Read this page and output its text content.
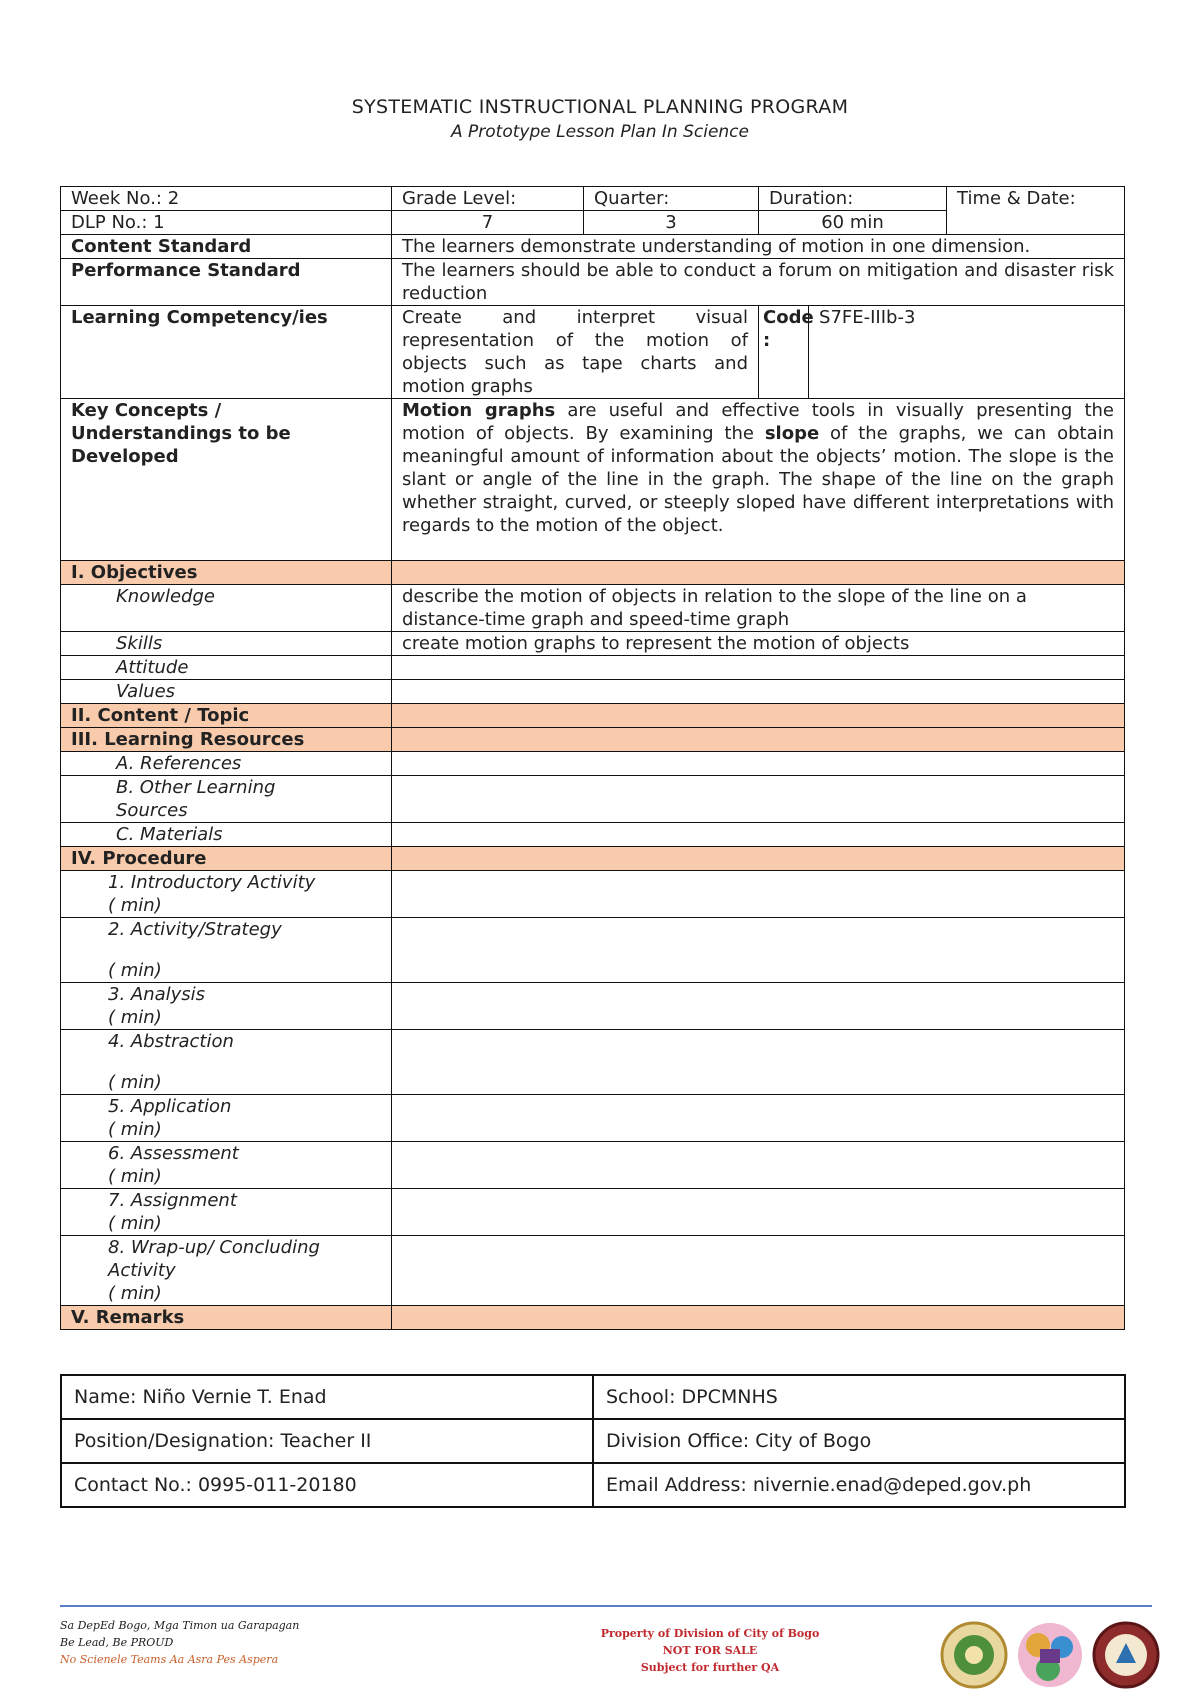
SYSTEMATIC INSTRUCTIONAL PLANNING PROGRAM
A Prototype Lesson Plan In Science
Week No.: 2	Grade Level:	Quarter:	Duration:		Time & Date:
DLP No.: 1	7	3	60 min		
Content Standard	The learners demonstrate understanding of motion in one dimension.				
Performance Standard	The learners should be able to conduct a forum on mitigation and disaster risk reduction				
Learning Competency/ies	Create and interpret visual representation of the motion of objects such as tape charts and motion graphs		Code :	S7FE-IIIb-3	
Key Concepts / Understandings to be Developed	Motion graphs are useful and effective tools in visually presenting the motion of objects. By examining the slope of the graphs, we can obtain meaningful amount of information about the objects’ motion. The slope is the slant or angle of the line in the graph. The shape of the line on the graph whether straight, curved, or steeply sloped have different interpretations with regards to the motion of the object.				
I. Objectives					
Knowledge	describe the motion of objects in relation to the slope of the line on a distance-time graph and speed-time graph				
Skills	create motion graphs to represent the motion of objects				
Attitude					
Values					
II. Content / Topic					
III. Learning Resources					
A. References					
B. Other Learning
Sources					
C. Materials					
IV. Procedure					
1. Introductory Activity
( min)					
2. Activity/Strategy
( min)					
3. Analysis
( min)					
4. Abstraction
( min)					
5. Application
( min)					
6. Assessment
( min)					
7. Assignment
( min)					
8. Wrap-up/ Concluding
Activity
( min)					
V. Remarks					
Name: Niño Vernie T. Enad	School: DPCMNHS
Position/Designation: Teacher II	Division Office: City of Bogo
Contact No.: 0995-011-20180	Email Address: nivernie.enad@deped.gov.ph
Sa DepEd Bogo, Mga Timon ua Garapagan
Be Lead, Be PROUD
No Scienele Teams Aa Asra Pes Aspera
Property of Division of City of Bogo
NOT FOR SALE
Subject for further QA
